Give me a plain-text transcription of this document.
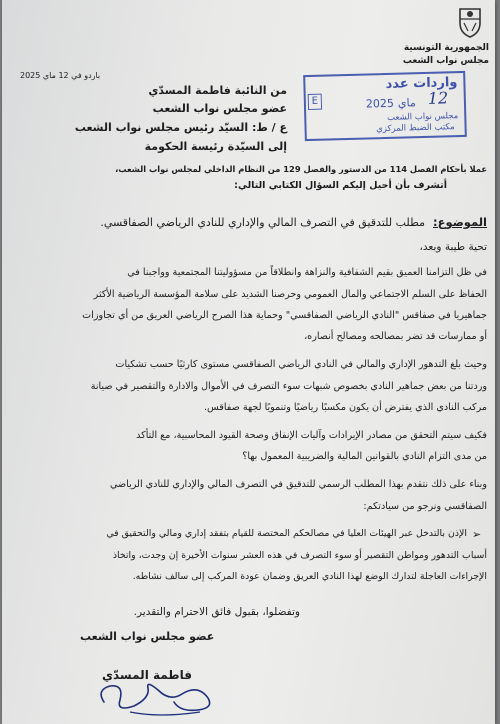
الجمهورية التونسية
مجلس نواب الشعب
واردات عدد
E	2025 ماي 12
مجلس نواب الشعب
مكتب الضبط المركزي
باردو في 12 ماي 2025
من النائبة فاطمة المسدّي
عضو مجلس نواب الشعب
ع / ط: السيّد رئيس مجلس نواب الشعب
إلى السيّدة رئيسة الحكومة
عملا بأحكام الفصل 114 من الدستور والفصل 129 من النظام الداخلي لمجلس نواب الشعب،
أتشرف بأن أحيل إليكم السؤال الكتابي التالي:
الموضوع:
مطلب للتدقيق في التصرف المالي والإداري للنادي الرياضي الصفاقسي.
تحية طيبة وبعد،
في ظل التزامنا العميق بقيم الشفافية والنزاهة وانطلاقاً من مسؤوليتنا المجتمعية وواجبنا في
الحفاظ على السلم الاجتماعي والمال العمومي وحرصنا الشديد على سلامة المؤسسة الرياضية الأكثر
جماهيريا في صفاقس "النادي الرياضي الصفاقسي" وحماية هذا الصرح الرياضي العريق من أي تجاوزات
أو ممارسات قد تضر بمصالحه ومصالح أنصاره،
وحيث بلغ التدهور الإداري والمالي في النادي الرياضي الصفاقسي مستوى كارثيًا حسب تشكيات
وردتنا من بعض جماهير النادي بخصوص شبهات سوء التصرف في الأموال والادارة والتقصير في صيانة
مركب النادي الذي يفترض أن يكون مكسبًا رياضيًا وتنمويًا لجهة صفاقس.
فكيف سيتم التحقق من مصادر الإيرادات وآليات الإنفاق وصحة القيود المحاسبية، مع التأكد
من مدى التزام النادي بالقوانين المالية والضريبية المعمول بها؟
وبناء على ذلك نتقدم بهذا المطلب الرسمي للتدقيق في التصرف المالي والإداري للنادي الرياضي
الصفاقسي ونرجو من سيادتكم:
➢
الإذن بالتدخل عبر الهيئات العليا في مصالحكم المختصة للقيام بتفقد إداري ومالي والتحقيق في
أسباب التدهور ومواطن التقصير أو سوء التصرف في هذه العشر سنوات الأخيرة إن وجدت، واتخاذ
الإجراءات العاجلة لتدارك الوضع لهذا النادي العريق وضمان عودة المركب إلى سالف نشاطه.
وتفضلوا، بقبول فائق الاحترام والتقدير.
عضو مجلس نواب الشعب
فاطمة المسدّي
